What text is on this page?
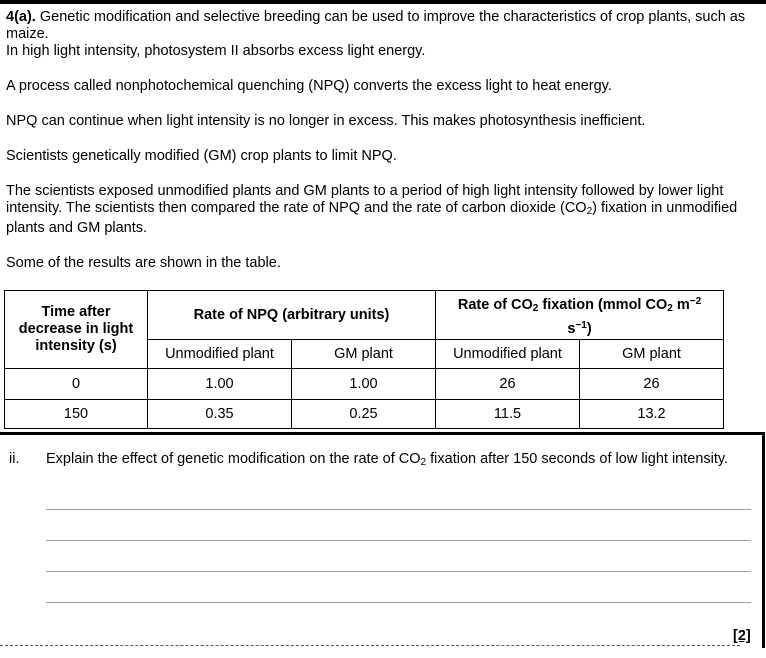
4(a). Genetic modification and selective breeding can be used to improve the characteristics of crop plants, such as maize.

In high light intensity, photosystem II absorbs excess light energy.

A process called nonphotochemical quenching (NPQ) converts the excess light to heat energy.

NPQ can continue when light intensity is no longer in excess. This makes photosynthesis inefficient.

Scientists genetically modified (GM) crop plants to limit NPQ.

The scientists exposed unmodified plants and GM plants to a period of high light intensity followed by lower light intensity. The scientists then compared the rate of NPQ and the rate of carbon dioxide $(CO_2)$ fixation in unmodified plants and GM plants.

Some of the results are shown in the table.

Time after decrease in light intensity (s)	Rate of NPQ (arbitrary units)		Rate of $CO_2$ fixation (mmol $CO_2$ $m^{-2}$ $s^{-1}$)	
	Unmodified plant	GM plant	Unmodified plant	GM plant
0	1.00	1.00	26	26
150	0.35	0.25	11.5	13.2
ii. Explain the effect of genetic modification on the rate of $CO_2$ fixation after 150 seconds of low light intensity.
[2]
